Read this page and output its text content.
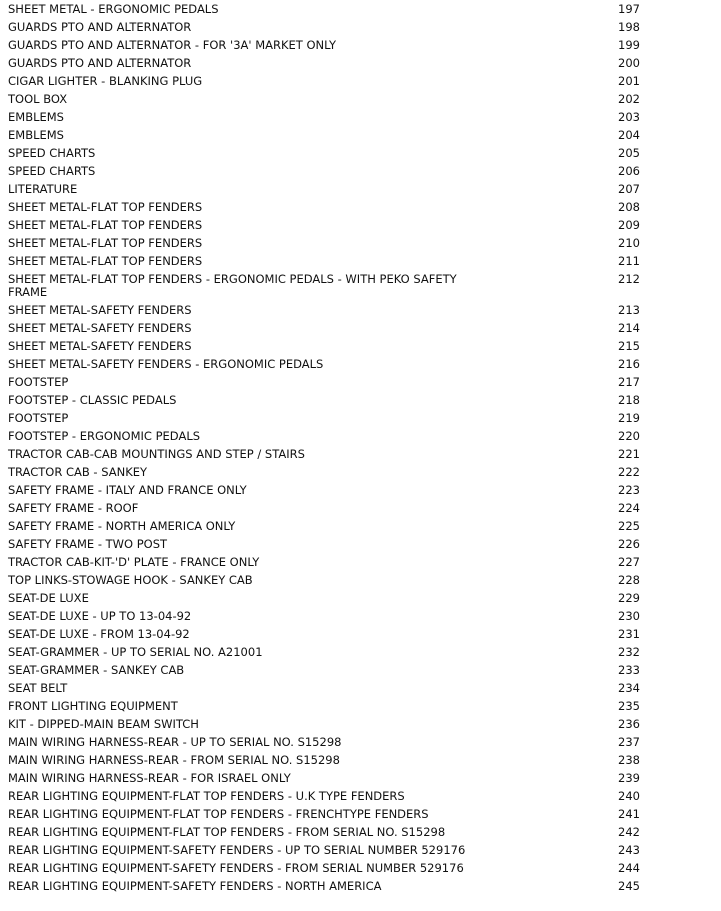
SHEET METAL - ERGONOMIC PEDALS	197
GUARDS PTO AND ALTERNATOR	198
GUARDS PTO AND ALTERNATOR - FOR '3A' MARKET ONLY	199
GUARDS PTO AND ALTERNATOR	200
CIGAR LIGHTER - BLANKING PLUG	201
TOOL BOX	202
EMBLEMS	203
EMBLEMS	204
SPEED CHARTS	205
SPEED CHARTS	206
LITERATURE	207
SHEET METAL-FLAT TOP FENDERS	208
SHEET METAL-FLAT TOP FENDERS	209
SHEET METAL-FLAT TOP FENDERS	210
SHEET METAL-FLAT TOP FENDERS	211
SHEET METAL-FLAT TOP FENDERS - ERGONOMIC PEDALS - WITH PEKO SAFETY FRAME	212
SHEET METAL-SAFETY FENDERS	213
SHEET METAL-SAFETY FENDERS	214
SHEET METAL-SAFETY FENDERS	215
SHEET METAL-SAFETY FENDERS - ERGONOMIC PEDALS	216
FOOTSTEP	217
FOOTSTEP - CLASSIC PEDALS	218
FOOTSTEP	219
FOOTSTEP - ERGONOMIC PEDALS	220
TRACTOR CAB-CAB MOUNTINGS AND STEP / STAIRS	221
TRACTOR CAB - SANKEY	222
SAFETY FRAME - ITALY AND FRANCE ONLY	223
SAFETY FRAME - ROOF	224
SAFETY FRAME - NORTH AMERICA ONLY	225
SAFETY FRAME - TWO POST	226
TRACTOR CAB-KIT-'D' PLATE - FRANCE ONLY	227
TOP LINKS-STOWAGE HOOK - SANKEY CAB	228
SEAT-DE LUXE	229
SEAT-DE LUXE - UP TO 13-04-92	230
SEAT-DE LUXE - FROM 13-04-92	231
SEAT-GRAMMER - UP TO SERIAL NO. A21001	232
SEAT-GRAMMER - SANKEY CAB	233
SEAT BELT	234
FRONT LIGHTING EQUIPMENT	235
KIT - DIPPED-MAIN BEAM SWITCH	236
MAIN WIRING HARNESS-REAR - UP TO SERIAL NO. S15298	237
MAIN WIRING HARNESS-REAR - FROM SERIAL NO. S15298	238
MAIN WIRING HARNESS-REAR - FOR ISRAEL ONLY	239
REAR LIGHTING EQUIPMENT-FLAT TOP FENDERS - U.K TYPE FENDERS	240
REAR LIGHTING EQUIPMENT-FLAT TOP FENDERS - FRENCHTYPE FENDERS	241
REAR LIGHTING EQUIPMENT-FLAT TOP FENDERS - FROM SERIAL NO. S15298	242
REAR LIGHTING EQUIPMENT-SAFETY FENDERS - UP TO SERIAL NUMBER 529176	243
REAR LIGHTING EQUIPMENT-SAFETY FENDERS - FROM SERIAL NUMBER 529176	244
REAR LIGHTING EQUIPMENT-SAFETY FENDERS - NORTH AMERICA	245
